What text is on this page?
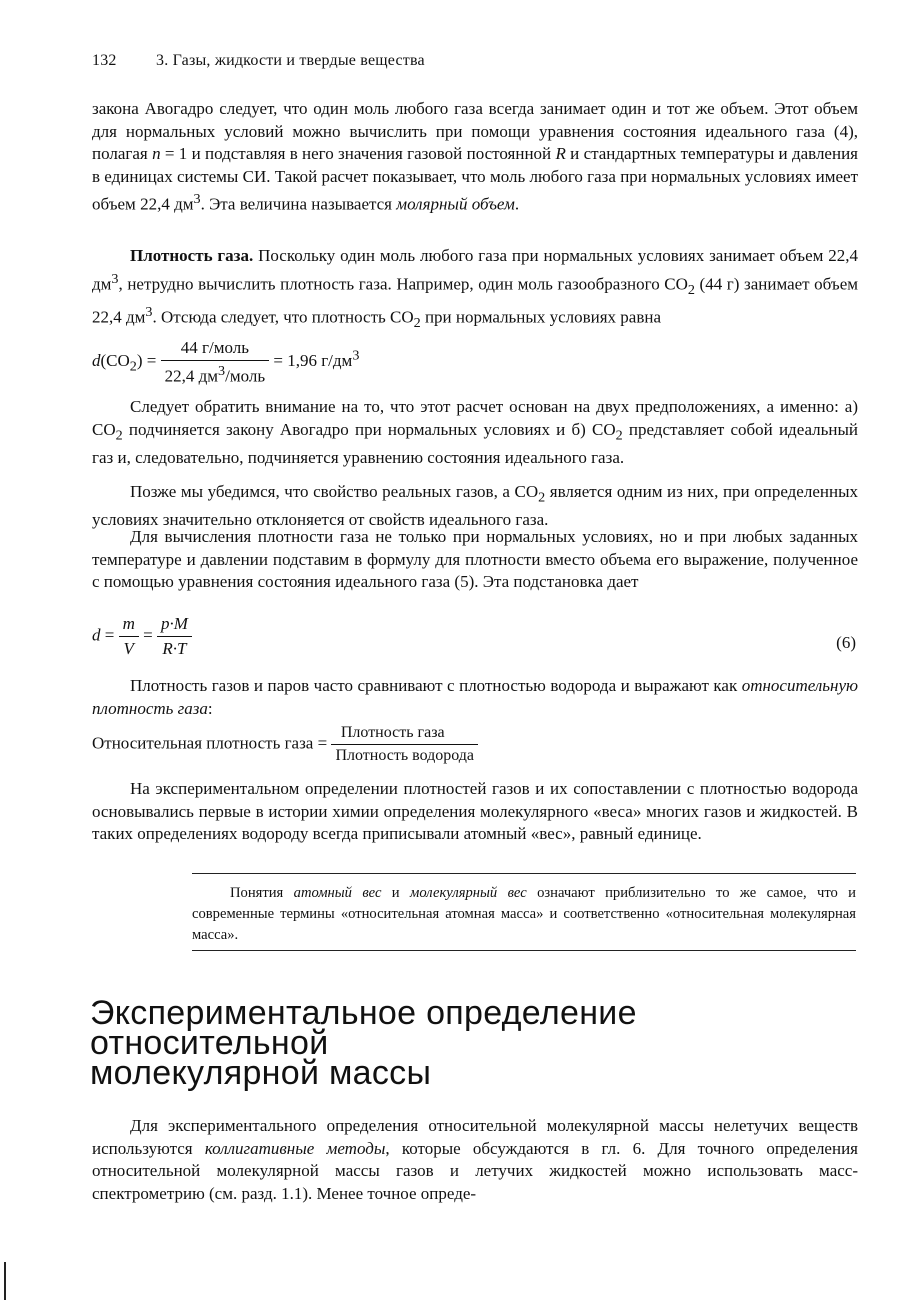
132 3. Газы, жидкости и твердые вещества

закона Авогадро следует, что один моль любого газа всегда занимает один и тот же объем. Этот объем для нормальных условий можно вычислить при помощи уравнения состояния идеального газа (4), полагая n = 1 и подставляя в него значения газовой постоянной R и стандартных температуры и давления в единицах системы СИ. Такой расчет показывает, что моль любого газа при нормальных условиях имеет объем 22,4 $дм^3$. Эта величина называется молярный объем.

Плотность газа. Поскольку один моль любого газа при нормальных условиях занимает объем 22,4 $дм^3$, нетрудно вычислить плотность газа. Например, один моль газообразного $CO_2$ (44 г) занимает объем 22,4 $дм^3$. Отсюда следует, что плотность $CO_2$ при нормальных условиях равна

$d(CO_2) = \frac{\text{44 г/моль}}{22,4 дм^3/моль} = 1,96$ $г/дм^3$

Следует обратить внимание на то, что этот расчет основан на двух предположениях, а именно: а) $CO_2$ подчиняется закону Авогадро при нормальных условиях и б) $CO_2$ представляет собой идеальный газ и, следовательно, подчиняется уравнению состояния идеального газа.

Позже мы убедимся, что свойство реальных газов, а $CO_2$ является одним из них, при определенных условиях значительно отклоняется от свойств идеального газа.

Для вычисления плотности газа не только при нормальных условиях, но и при любых заданных температуре и давлении подставим в формулу для плотности вместо объема его выражение, полученное с помощью уравнения состояния идеального газа (5). Эта подстановка дает

$d = \frac{m}{V} = \frac{p\cdot M}{R\cdot T}$	(6)

Плотность газов и паров часто сравнивают с плотностью водорода и выражают как относительную плотность газа:

Относительная плотность газа = $\frac{\text{Плотность газа}}{\text{Плотность водорода}}$

На экспериментальном определении плотностей газов и их сопоставлении с плотностью водорода основывались первые в истории химии определения молекулярного «веса» многих газов и жидкостей. В таких определениях водороду всегда приписывали атомный «вес», равный единице.

Понятия атомный вес и молекулярный вес означают приблизительно то же самое, что и современные термины «относительная атомная масса» и соответственно «относительная молекулярная масса».

Экспериментальное определение
относительной
молекулярной массы

Для экспериментального определения относительной молекулярной массы нелетучих веществ используются коллигативные методы, которые обсуждаются в гл. 6. Для точного определения относительной молекулярной массы газов и летучих жидкостей можно использовать масс-спектрометрию (см. разд. 1.1). Менее точное опреде-
